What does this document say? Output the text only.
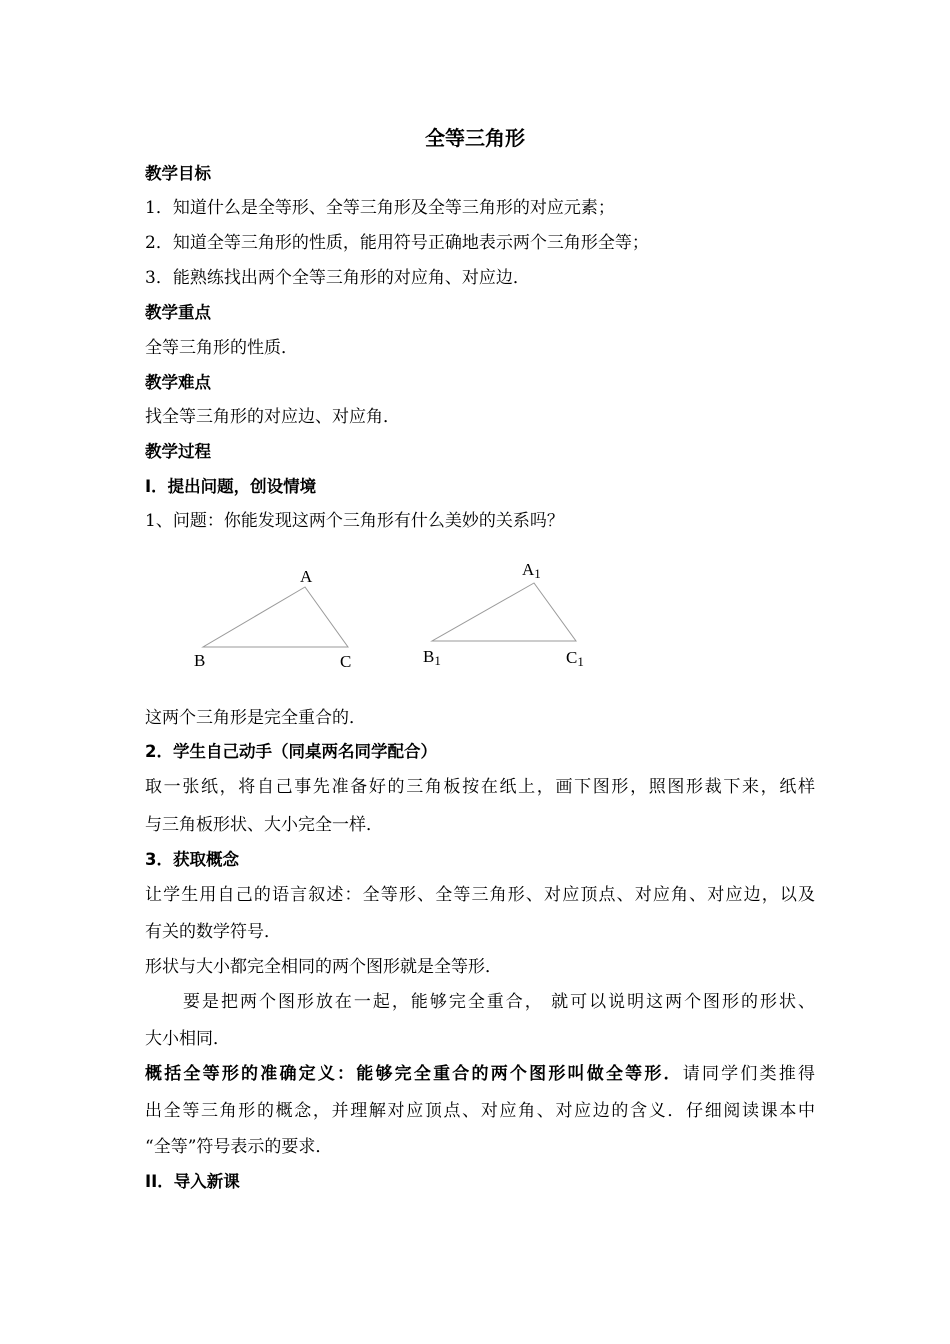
全等三角形
教学目标
1．知道什么是全等形、全等三角形及全等三角形的对应元素；
2．知道全等三角形的性质，能用符号正确地表示两个三角形全等；
3．能熟练找出两个全等三角形的对应角、对应边．
教学重点
全等三角形的性质．
教学难点
找全等三角形的对应边、对应角．
教学过程
I．提出问题，创设情境
1、问题：你能发现这两个三角形有什么美妙的关系吗？
A
B	C
A1
B1	C1
这两个三角形是完全重合的．
2．学生自己动手（同桌两名同学配合）
取一张纸，将自己事先准备好的三角板按在纸上，画下图形，照图形裁下来，纸样
与三角板形状、大小完全一样．
3．获取概念
让学生用自己的语言叙述：全等形、全等三角形、对应顶点、对应角、对应边，以及
有关的数学符号．
形状与大小都完全相同的两个图形就是全等形．
要是把两个图形放在一起，能够完全重合， 就可以说明这两个图形的形状、
大小相同．
概括全等形的准确定义：能够完全重合的两个图形叫做全等形．请同学们类推得
出全等三角形的概念，并理解对应顶点、对应角、对应边的含义．仔细阅读课本中
“全等”符号表示的要求．
II．导入新课
